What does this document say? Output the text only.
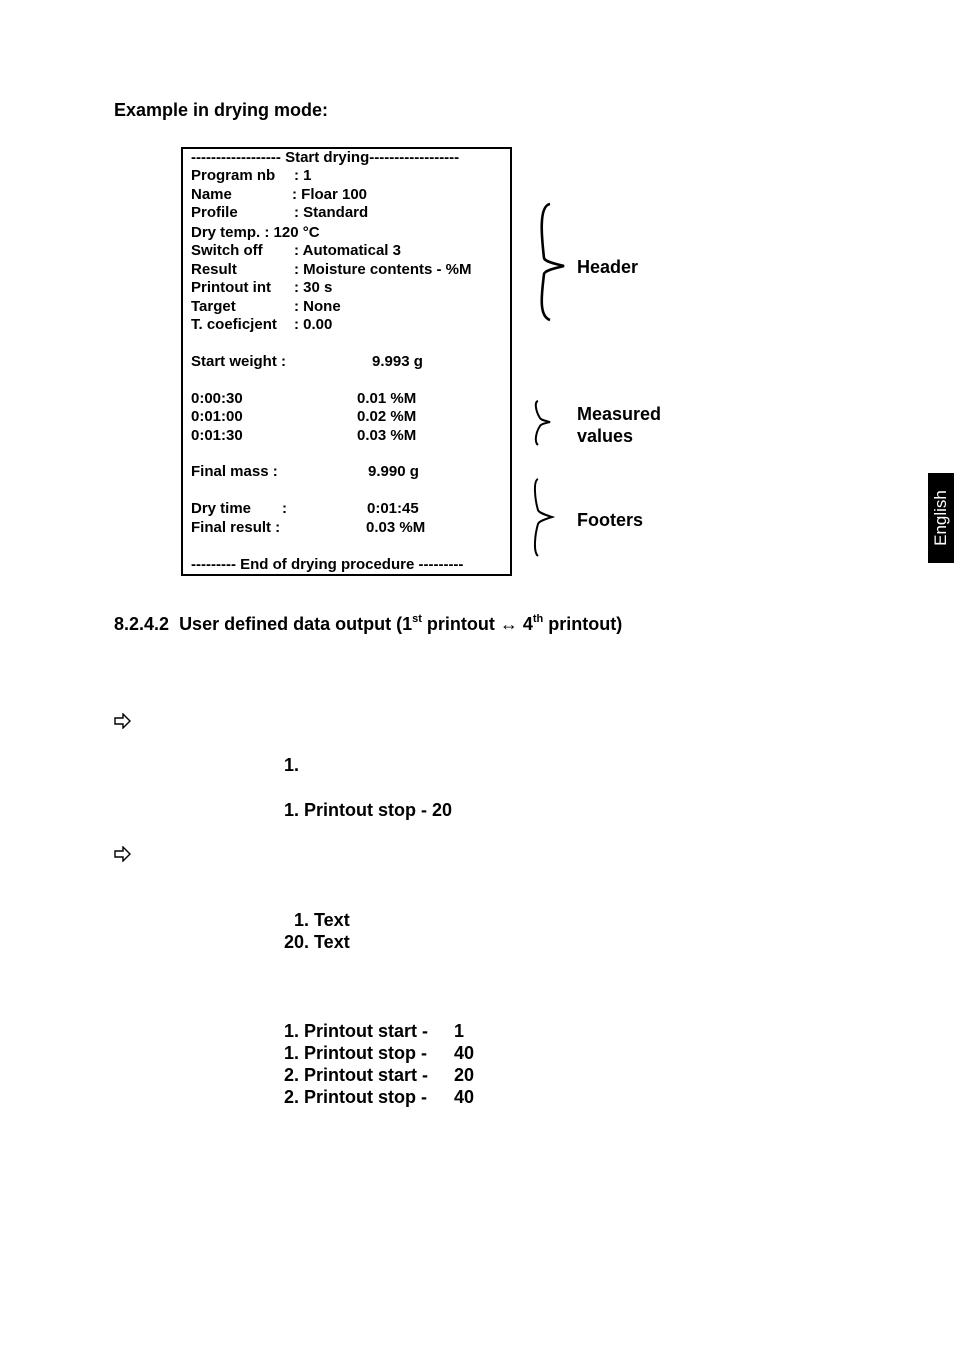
Example in drying mode:
------------------ Start drying------------------
Program nb : 1
Name	: Floar 100
Profile	: Standard
Dry temp. : 120 °C
Switch off : Automatical 3
Result	: Moisture contents - %M
Printout int : 30 s
Target	: None
T. coeficjent : 0.00
Start weight :	9.993 g
0:00:30	0.01 %M
0:01:00	0.02 %M
0:01:30	0.03 %M
Final mass :	9.990 g
Dry time :	0:01:45
Final result :	0.03 %M
--------- End of drying procedure ---------
Header
Measured
values
Footers
8.2.4.2 User defined data output (1st printout ↔ 4th printout)
1.
1. Printout stop - 20
1. Text
20. Text
1. Printout start - 1
1. Printout stop - 40
2. Printout start - 20
2. Printout stop - 40
English
